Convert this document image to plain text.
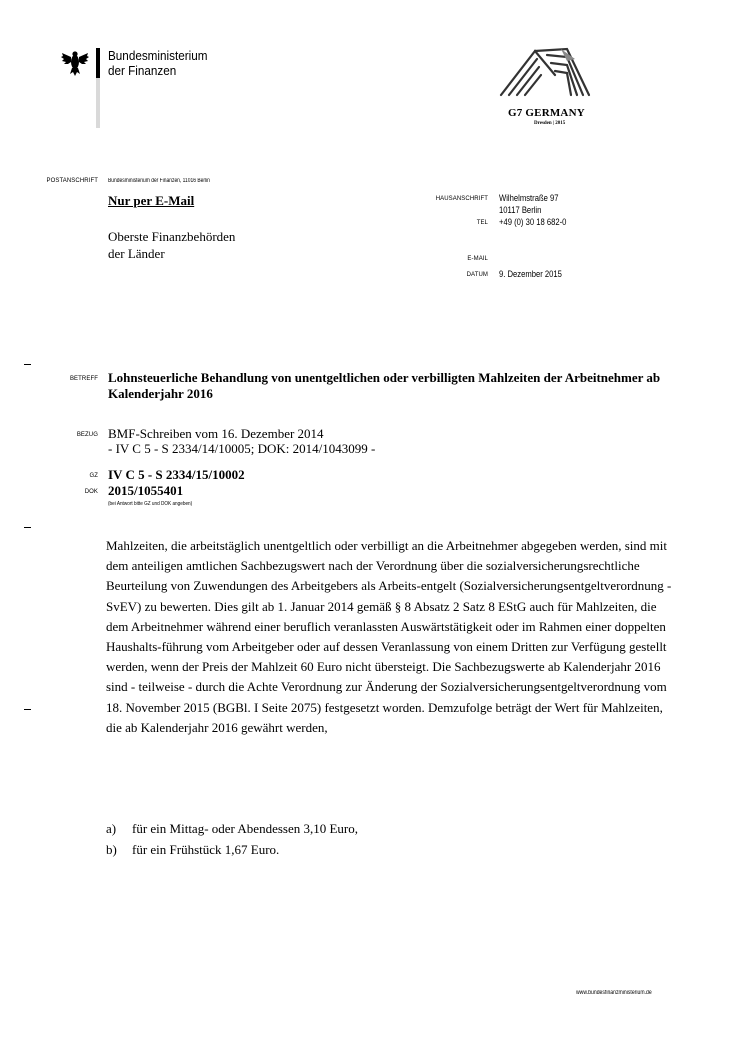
Bundesministerium
der Finanzen
G7 GERMANY
Dresden | 2015
POSTANSCHRIFT Bundesministerium der Finanzen, 11016 Berlin
Nur per E-Mail
Oberste Finanzbehörden
der Länder
HAUSANSCHRIFT Wilhelmstraße 97
10117 Berlin
TEL +49 (0) 30 18 682-0
E-MAIL
DATUM 9. Dezember 2015
BETREFF Lohnsteuerliche Behandlung von unentgeltlichen oder verbilligten Mahlzeiten der Arbeitnehmer ab Kalenderjahr 2016
BEZUG BMF-Schreiben vom 16. Dezember 2014
- IV C 5 - S 2334/14/10005; DOK: 2014/1043099 -
GZ IV C 5 - S 2334/15/10002
DOK 2015/1055401
(bei Antwort bitte GZ und DOK angeben)

Mahlzeiten, die arbeitstäglich unentgeltlich oder verbilligt an die Arbeitnehmer abgegeben werden, sind mit dem anteiligen amtlichen Sachbezugswert nach der Verordnung über die sozialversicherungsrechtliche Beurteilung von Zuwendungen des Arbeitgebers als Arbeits-entgelt (Sozialversicherungsentgeltverordnung - SvEV) zu bewerten. Dies gilt ab 1. Januar 2014 gemäß § 8 Absatz 2 Satz 8 EStG auch für Mahlzeiten, die dem Arbeitnehmer während einer beruflich veranlassten Auswärtstätigkeit oder im Rahmen einer doppelten Haushalts-führung vom Arbeitgeber oder auf dessen Veranlassung von einem Dritten zur Verfügung gestellt werden, wenn der Preis der Mahlzeit 60 Euro nicht übersteigt. Die Sachbezugswerte ab Kalenderjahr 2016 sind - teilweise - durch die Achte Verordnung zur Änderung der Sozialversicherungsentgeltverordnung vom 18. November 2015 (BGBl. I Seite 2075) festgesetzt worden. Demzufolge beträgt der Wert für Mahlzeiten, die ab Kalenderjahr 2016 gewährt werden,

a)	für ein Mittag- oder Abendessen 3,10 Euro,
b)	für ein Frühstück 1,67 Euro.
www.bundesfinanzministerium.de
